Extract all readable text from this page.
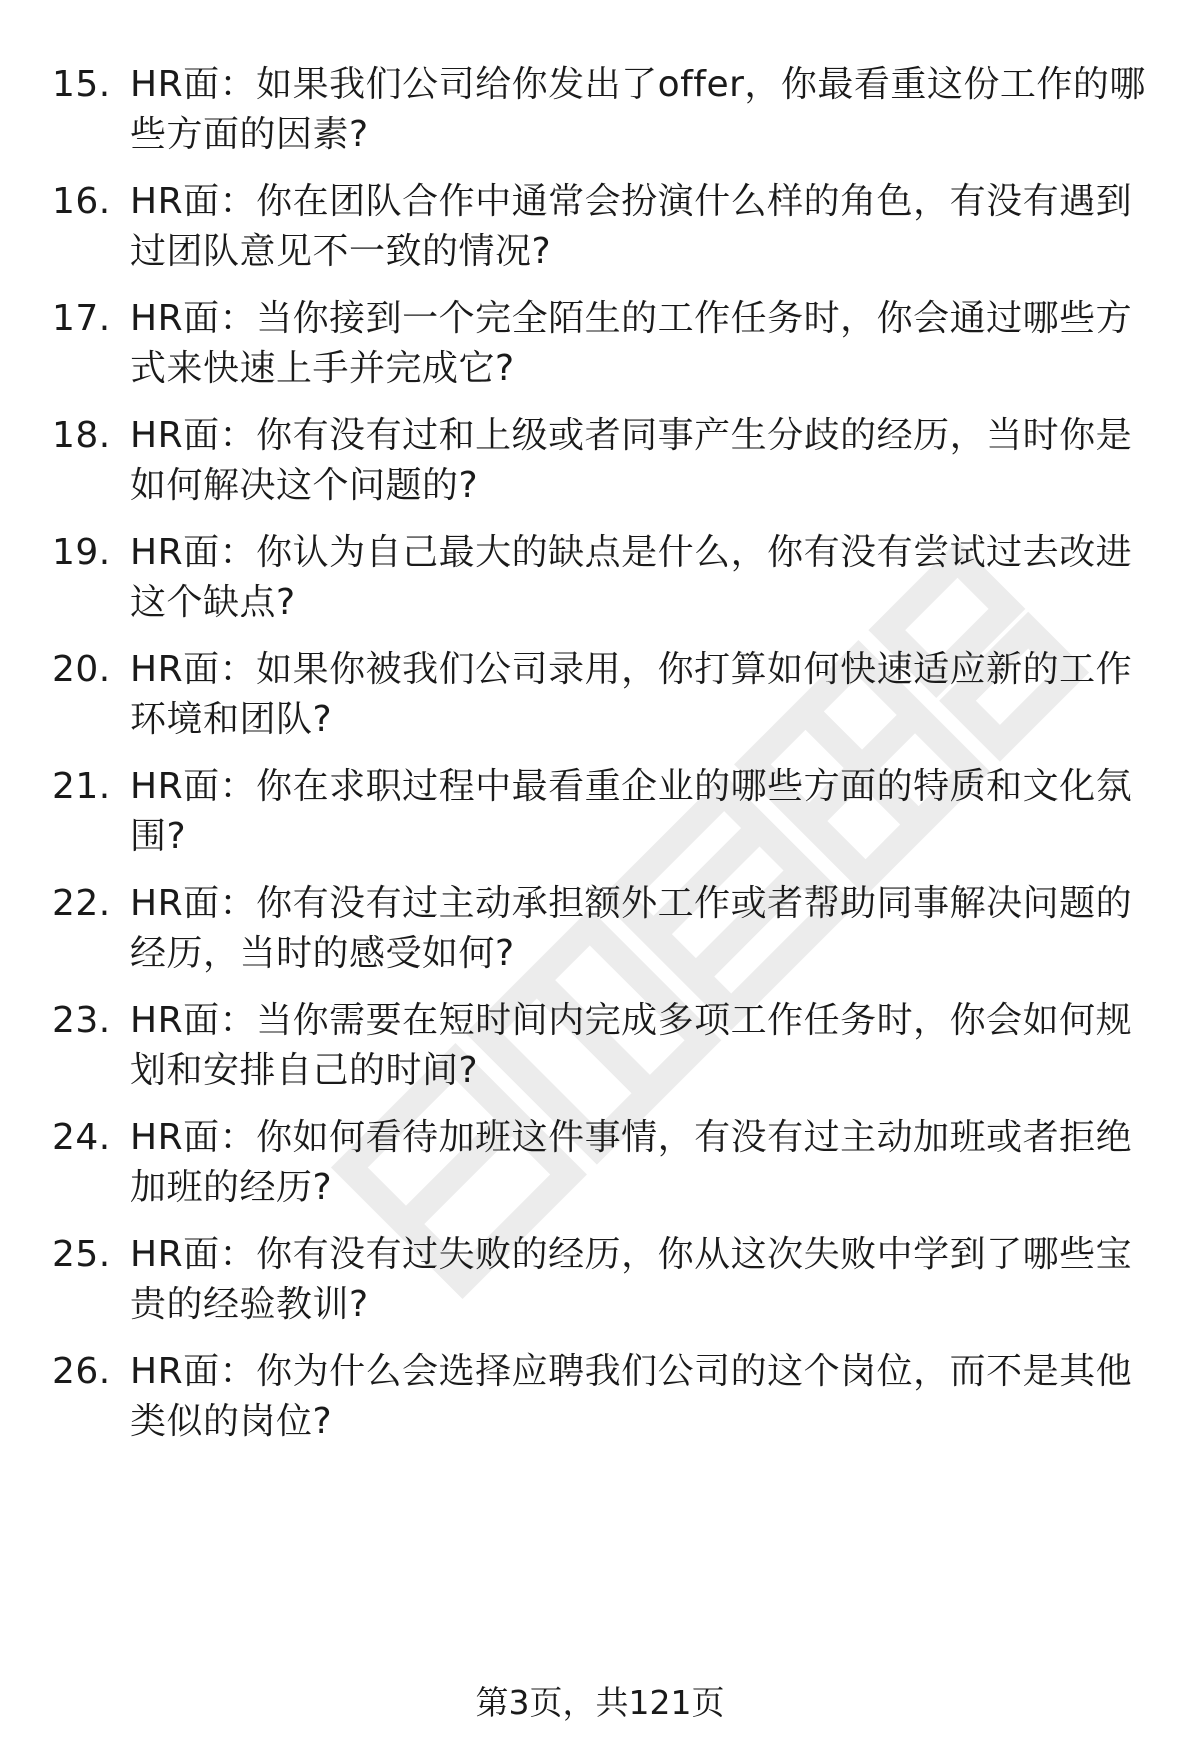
15. HR面：如果我们公司给你发出了offer，你最看重这份工作的哪些方面的因素?
16. HR面：你在团队合作中通常会扮演什么样的角色，有没有遇到过团队意见不一致的情况?
17. HR面：当你接到一个完全陌生的工作任务时，你会通过哪些方式来快速上手并完成它?
18. HR面：你有没有过和上级或者同事产生分歧的经历，当时你是如何解决这个问题的?
19. HR面：你认为自己最大的缺点是什么，你有没有尝试过去改进这个缺点?
20. HR面：如果你被我们公司录用，你打算如何快速适应新的工作环境和团队?
21. HR面：你在求职过程中最看重企业的哪些方面的特质和文化氛围?
22. HR面：你有没有过主动承担额外工作或者帮助同事解决问题的经历，当时的感受如何?
23. HR面：当你需要在短时间内完成多项工作任务时，你会如何规划和安排自己的时间?
24. HR面：你如何看待加班这件事情，有没有过主动加班或者拒绝加班的经历?
25. HR面：你有没有过失败的经历，你从这次失败中学到了哪些宝贵的经验教训?
26. HR面：你为什么会选择应聘我们公司的这个岗位，而不是其他类似的岗位?
第3页，共121页
